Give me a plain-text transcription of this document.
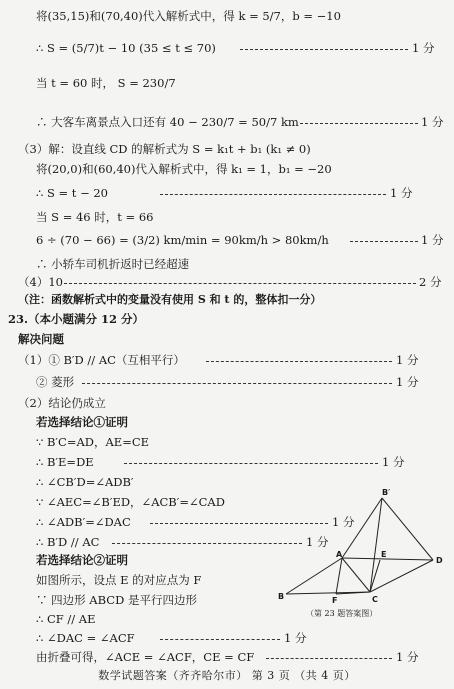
将(35,15)和(70,40)代入解析式中，得 k = 5/7，b = −10
∴ S = (5/7)t − 10 (35 ≤ t ≤ 70)	1 分
当 t = 60 时， S = 230/7
∴ 大客车离景点入口还有 40 − 230/7 = 50/7 km	1 分
（3）解：设直线 CD 的解析式为 S = k₁t + b₁ (k₁ ≠ 0)
将(20,0)和(60,40)代入解析式中，得 k₁ = 1，b₁ = −20
∴ S = t − 20	1 分
当 S = 46 时，t = 66
6 ÷ (70 − 66) = (3/2) km/min = 90km/h > 80km/h	1 分
∴ 小轿车司机折返时已经超速
（4）10	2 分
（注：函数解析式中的变量没有使用 S 和 t 的，整体扣一分）
23.（本小题满分 12 分）
解决问题
（1）① B′D // AC（互相平行）	1 分
② 菱形	1 分
（2）结论仍成立
若选择结论①证明
∵ B′C=AD，AE=CE
∴ B′E=DE	1 分
∴ ∠CB′D=∠ADB′
∵ ∠AEC=∠B′ED，∠ACB′=∠CAD
∴ ∠ADB′=∠DAC	1 分
∴ B′D // AC	1 分
若选择结论②证明
如图所示，设点 E 的对应点为 F
∵ 四边形 ABCD 是平行四边形
∴ CF // AE
∴ ∠DAC = ∠ACF	1 分
由折叠可得，∠ACE = ∠ACF，CE = CF	1 分
B′
A	E
D
B	F	C
（第 23 题答案图）
数学试题答案（齐齐哈尔市） 第 3 页 （共 4 页）
